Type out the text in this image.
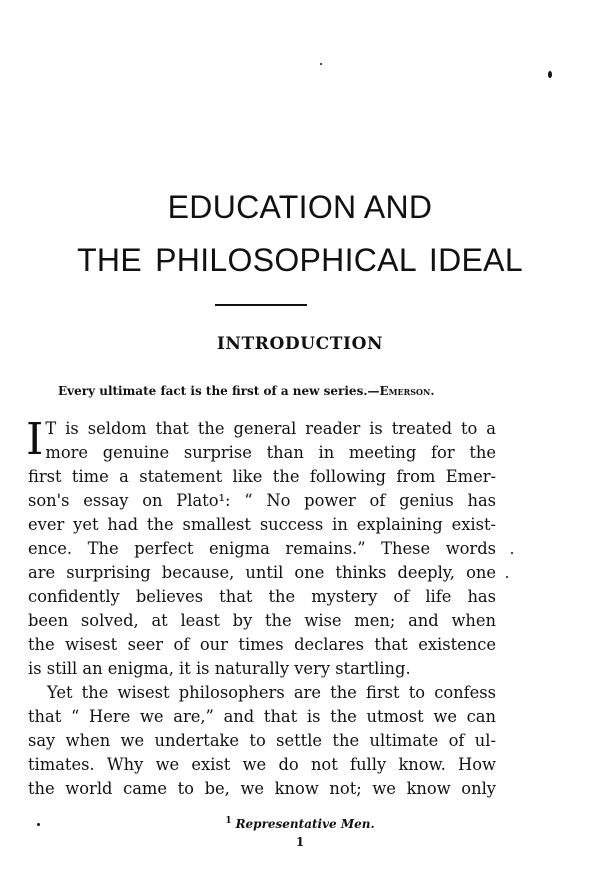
EDUCATION AND
THE PHILOSOPHICAL IDEAL
INTRODUCTION
Every ultimate fact is the first of a new series.—Emerson.
I T is seldom that the general reader is treated to a
more genuine surprise than in meeting for the
first time a statement like the following from Emer-
son's essay on Plato¹: “ No power of genius has
ever yet had the smallest success in explaining exist-
ence. The perfect enigma remains.” These words
are surprising because, until one thinks deeply, one
confidently believes that the mystery of life has
been solved, at least by the wise men; and when
the wisest seer of our times declares that existence
is still an enigma, it is naturally very startling.
Yet the wisest philosophers are the first to confess
that “ Here we are,” and that is the utmost we can
say when we undertake to settle the ultimate of ul-
timates. Why we exist we do not fully know. How
the world came to be, we know not; we know only
$^1$ Representative Men.
1
